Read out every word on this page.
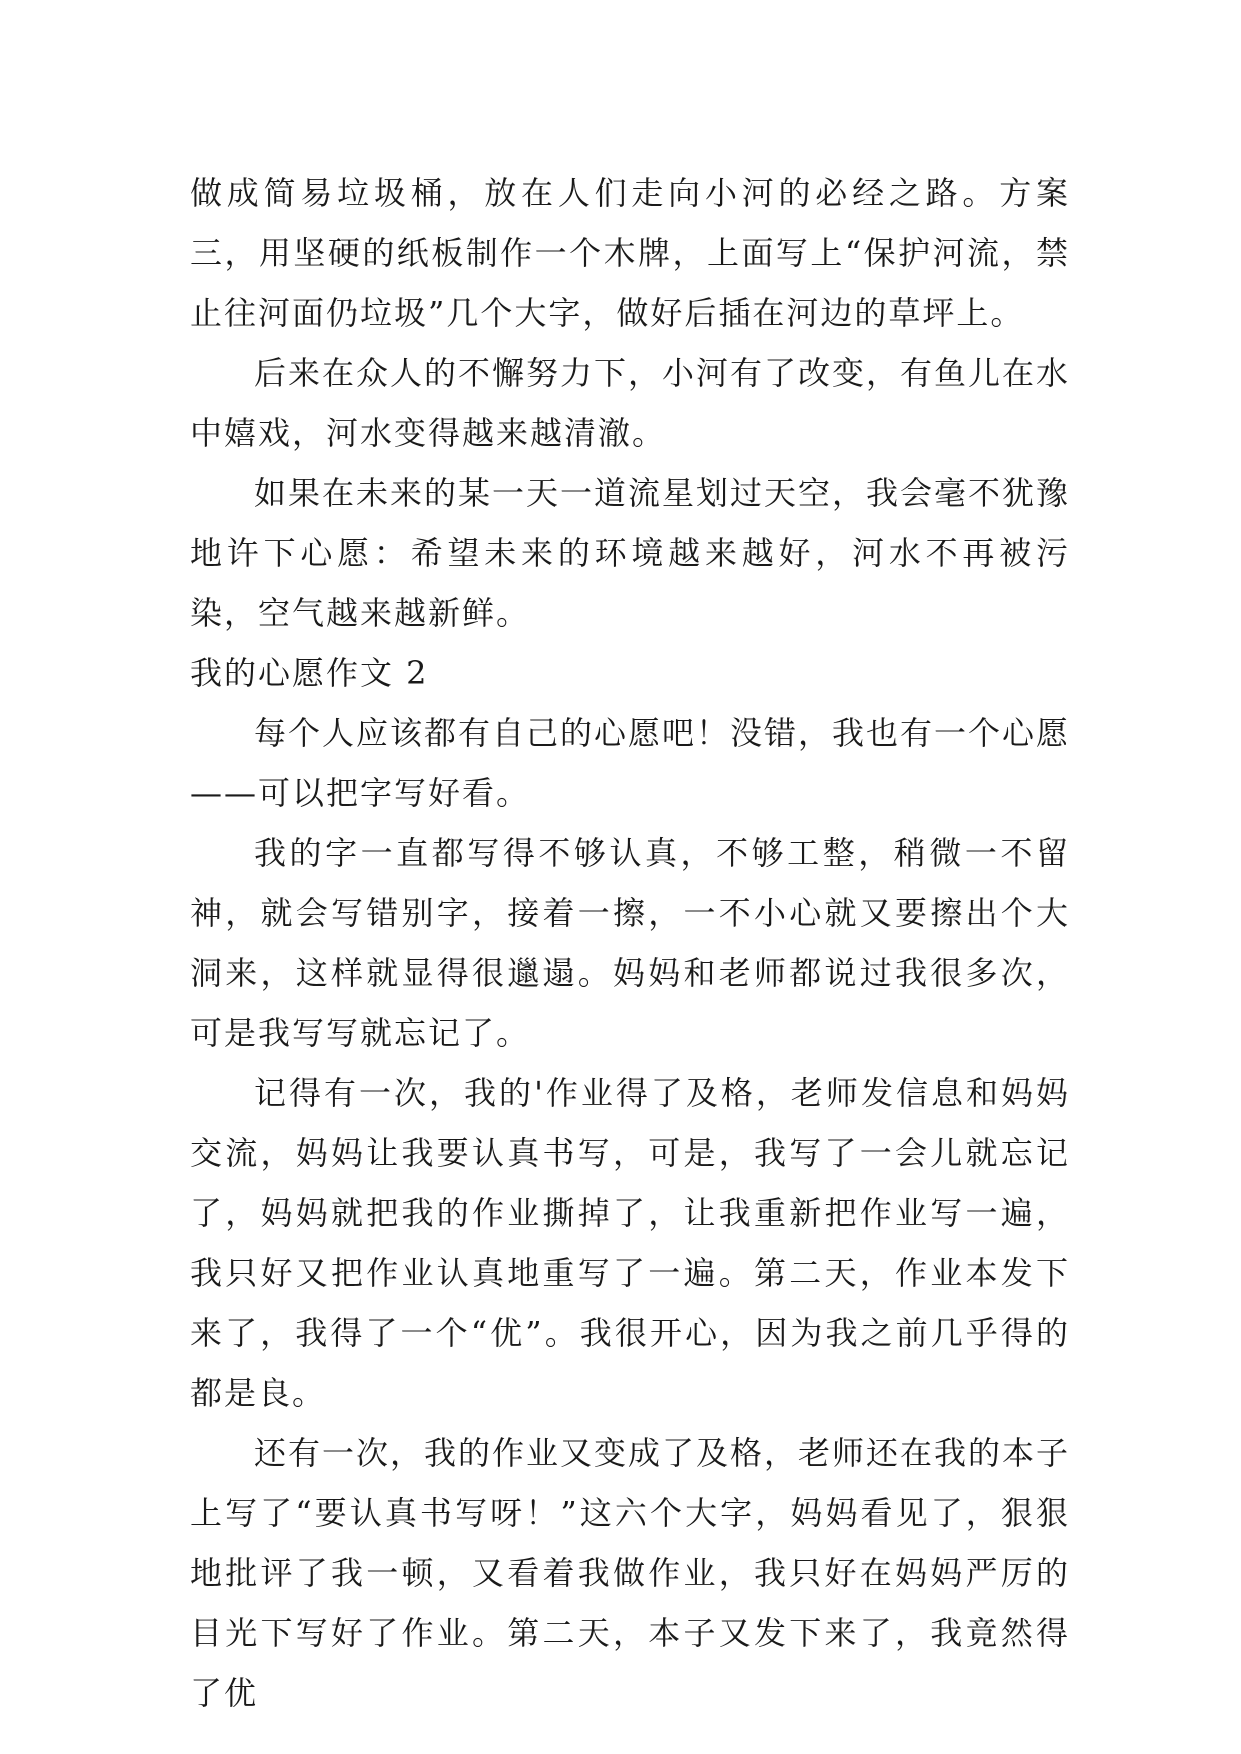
做成简易垃圾桶，放在人们走向小河的必经之路。方案三，用坚硬的纸板制作一个木牌，上面写上“保护河流，禁止往河面仍垃圾”几个大字，做好后插在河边的草坪上。

后来在众人的不懈努力下，小河有了改变，有鱼儿在水中嬉戏，河水变得越来越清澈。

如果在未来的某一天一道流星划过天空，我会毫不犹豫地许下心愿：希望未来的环境越来越好，河水不再被污染，空气越来越新鲜。

我的心愿作文 2

每个人应该都有自己的心愿吧！没错，我也有一个心愿——可以把字写好看。

我的字一直都写得不够认真，不够工整，稍微一不留神，就会写错别字，接着一擦，一不小心就又要擦出个大洞来，这样就显得很邋遢。妈妈和老师都说过我很多次，可是我写写就忘记了。

记得有一次，我的'作业得了及格，老师发信息和妈妈交流，妈妈让我要认真书写，可是，我写了一会儿就忘记了，妈妈就把我的作业撕掉了，让我重新把作业写一遍，我只好又把作业认真地重写了一遍。第二天，作业本发下来了，我得了一个“优”。我很开心，因为我之前几乎得的都是良。

还有一次，我的作业又变成了及格，老师还在我的本子上写了“要认真书写呀！”这六个大字，妈妈看见了，狠狠地批评了我一顿，又看着我做作业，我只好在妈妈严厉的目光下写好了作业。第二天，本子又发下来了，我竟然得了优
